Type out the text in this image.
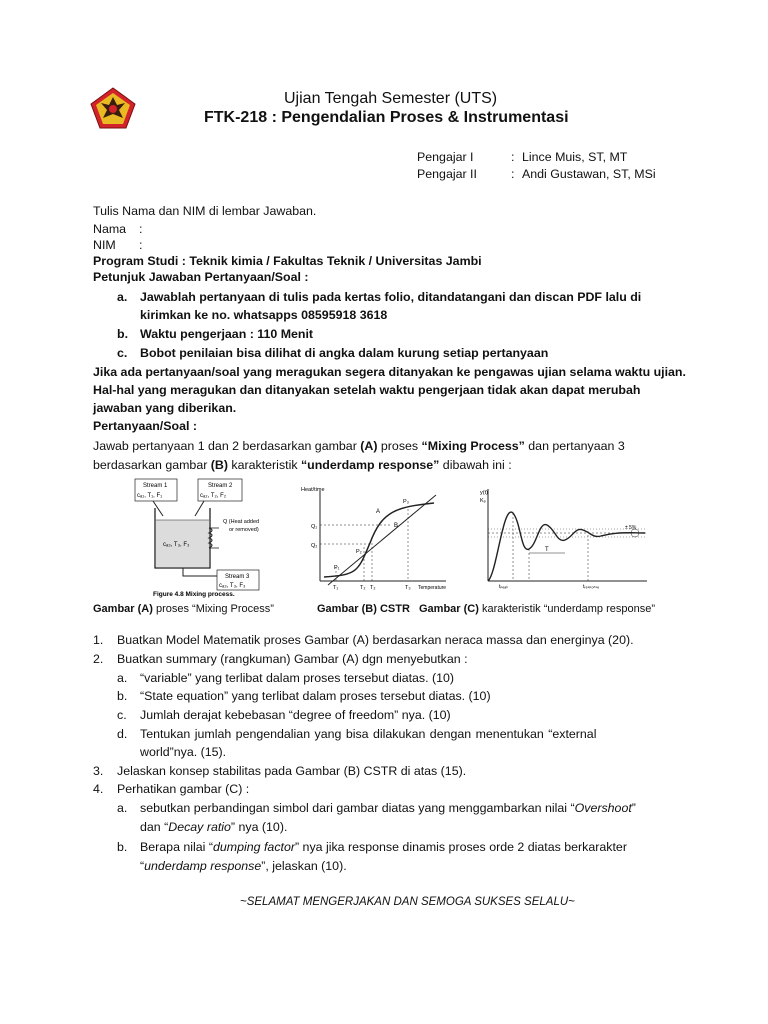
Ujian Tengah Semester (UTS)
FTK-218 : Pengendalian Proses & Instrumentasi
Pengajar I	: Lince Muis, ST, MT
Pengajar II	: Andi Gustawan, ST, MSi
Tulis Nama dan NIM di lembar Jawaban.
Nama :
NIM :
Program Studi : Teknik kimia / Fakultas Teknik / Universitas Jambi
Petunjuk Jawaban Pertanyaan/Soal :
a. Jawablah pertanyaan di tulis pada kertas folio, ditandatangani dan discan PDF lalu di
kirimkan ke no. whatsapps 08595918 3618
b. Waktu pengerjaan : 110 Menit
c. Bobot penilaian bisa dilihat di angka dalam kurung setiap pertanyaan
Jika ada pertanyaan/soal yang meragukan segera ditanyakan ke pengawas ujian selama waktu ujian.
Hal-hal yang meragukan dan ditanyakan setelah waktu pengerjaan tidak akan dapat merubah
jawaban yang diberikan.
Pertanyaan/Soal :
Jawab pertanyaan 1 dan 2 berdasarkan gambar (A) proses “Mixing Process” dan pertanyaan 3
berdasarkan gambar (B) karakteristik “underdamp response” dibawah ini :
Stream 1
cₐ₁, T₁, F₁
Stream 2
cₐ₂, T₂, F₂
Q (Heat added
or removed)
cₐ₃, T₃, F₃
Stream 3
cₐ₃, T₃, F₃
Figure 4.8 Mixing process.
Heat/time
Q₁
Q₂
P₁
P₂
P₃
A
B
T₁	T₂ T₂	T₃ Temperature
y(t)
Kₚ
T
tₚₑₐₖ	tᵣₑₛₚₒₙₛₑ
± 5%
Gambar (A) proses “Mixing Process”	Gambar (B) CSTR Gambar (C) karakteristik “underdamp response”
1. Buatkan Model Matematik proses Gambar (A) berdasarkan neraca massa dan energinya (20).
2. Buatkan summary (rangkuman) Gambar (A) dgn menyebutkan :
a. “variable” yang terlibat dalam proses tersebut diatas. (10)
b. “State equation” yang terlibat dalam proses tersebut diatas. (10)
c. Jumlah derajat kebebasan “degree of freedom” nya. (10)
d. Tentukan jumlah pengendalian yang bisa dilakukan dengan menentukan “external
world”nya. (15).
3. Jelaskan konsep stabilitas pada Gambar (B) CSTR di atas (15).
4. Perhatikan gambar (C) :
a. sebutkan perbandingan simbol dari gambar diatas yang menggambarkan nilai “Overshoot”
dan “Decay ratio” nya (10).
b. Berapa nilai “dumping factor” nya jika response dinamis proses orde 2 diatas berkarakter
“underdamp response”, jelaskan (10).
~SELAMAT MENGERJAKAN DAN SEMOGA SUKSES SELALU~
